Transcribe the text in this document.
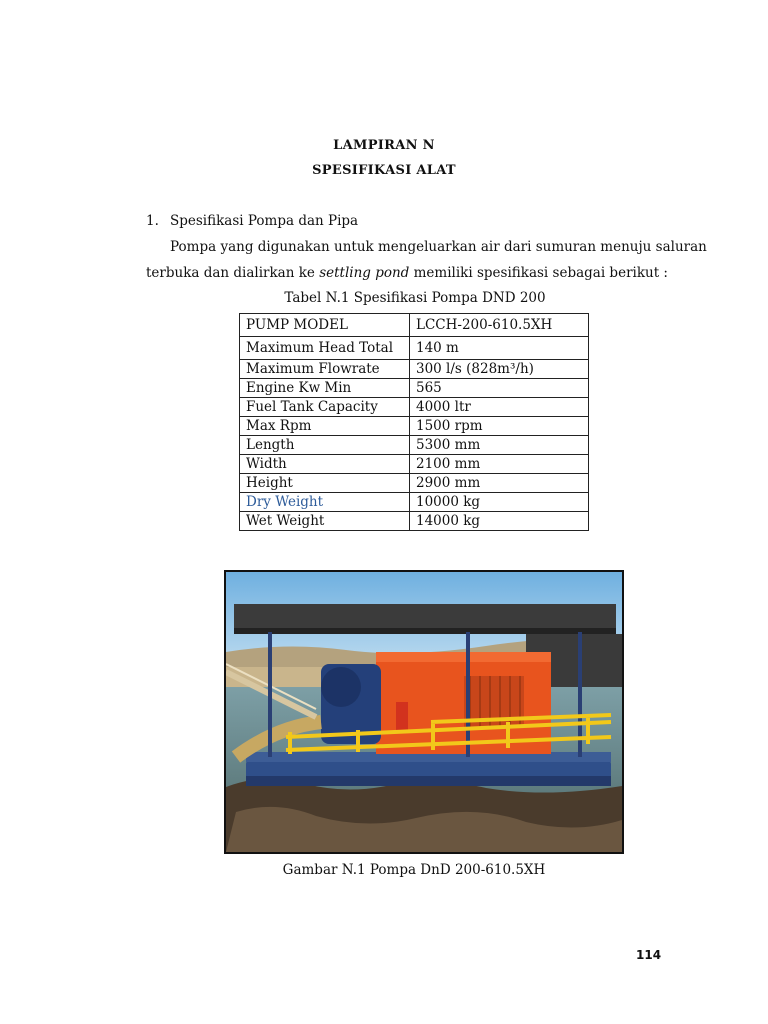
LAMPIRAN N
SPESIFIKASI ALAT
1. Spesifikasi Pompa dan Pipa
Pompa yang digunakan untuk mengeluarkan air dari sumuran menuju saluran
terbuka dan dialirkan ke settling pond memiliki spesifikasi sebagai berikut :
Tabel N.1 Spesifikasi Pompa DND 200
PUMP MODEL	LCCH-200-610.5XH
Maximum Head Total	140 m
Maximum Flowrate	300 l/s (828m³/h)
Engine Kw Min	565
Fuel Tank Capacity	4000 ltr
Max Rpm	1500 rpm
Length	5300 mm
Width	2100 mm
Height	2900 mm
Dry Weight	10000 kg
Wet Weight	14000 kg
Gambar N.1 Pompa DnD 200-610.5XH
114
